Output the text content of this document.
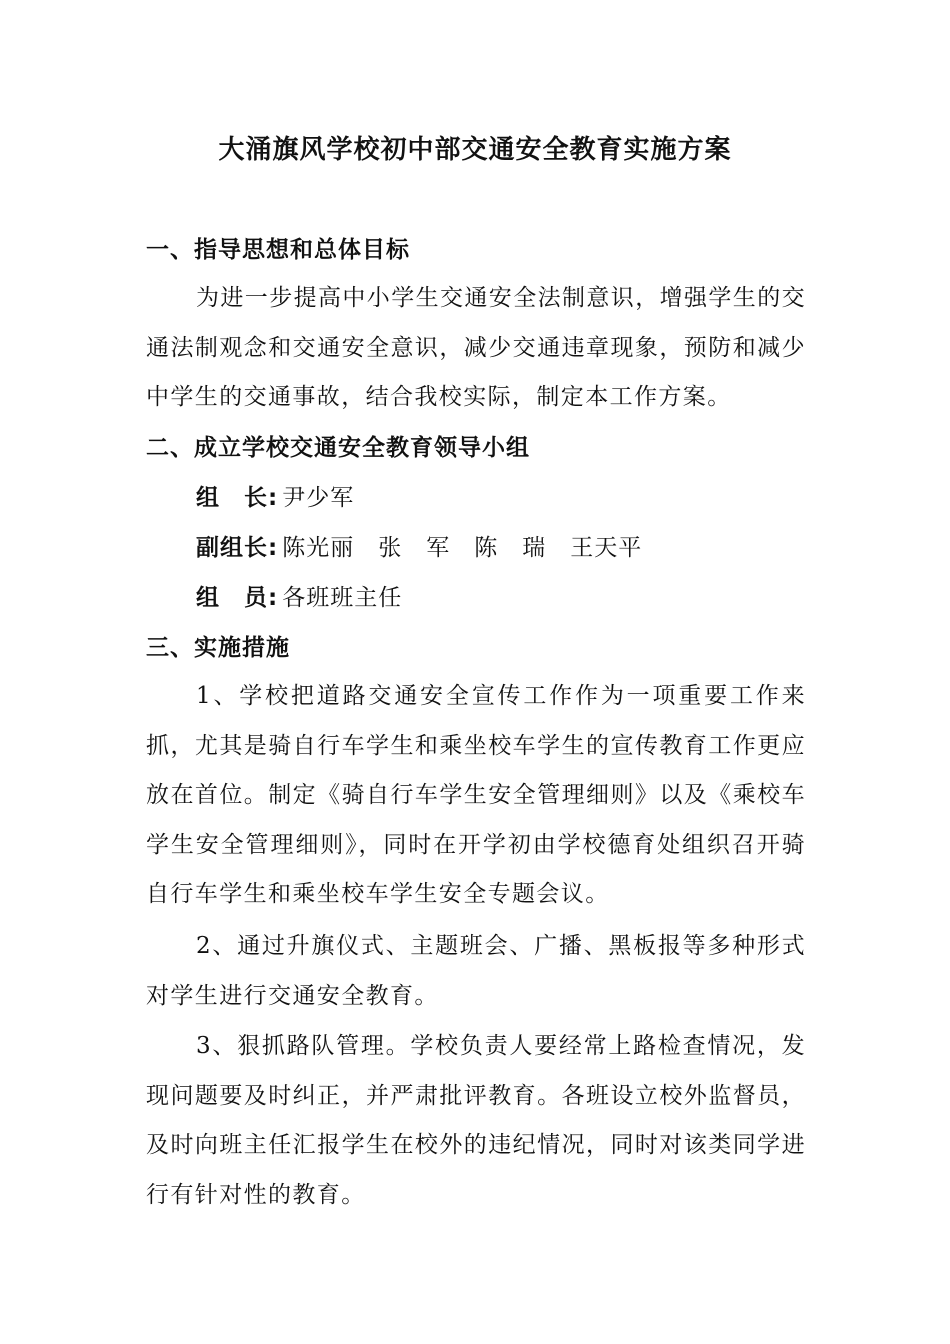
大涌旗风学校初中部交通安全教育实施方案
一、指导思想和总体目标

为进一步提高中小学生交通安全法制意识，增强学生的交通法制观念和交通安全意识，减少交通违章现象，预防和减少中学生的交通事故，结合我校实际，制定本工作方案。

二、成立学校交通安全教育领导小组
组　长: 尹少军
副组长: 陈光丽　张　军　陈　瑞　王天平
组　员: 各班班主任
三、实施措施

1、学校把道路交通安全宣传工作作为一项重要工作来抓，尤其是骑自行车学生和乘坐校车学生的宣传教育工作更应放在首位。制定《骑自行车学生安全管理细则》以及《乘校车学生安全管理细则》，同时在开学初由学校德育处组织召开骑自行车学生和乘坐校车学生安全专题会议。

2、通过升旗仪式、主题班会、广播、黑板报等多种形式对学生进行交通安全教育。

3、狠抓路队管理。学校负责人要经常上路检查情况，发现问题要及时纠正，并严肃批评教育。各班设立校外监督员，及时向班主任汇报学生在校外的违纪情况，同时对该类同学进行有针对性的教育。
